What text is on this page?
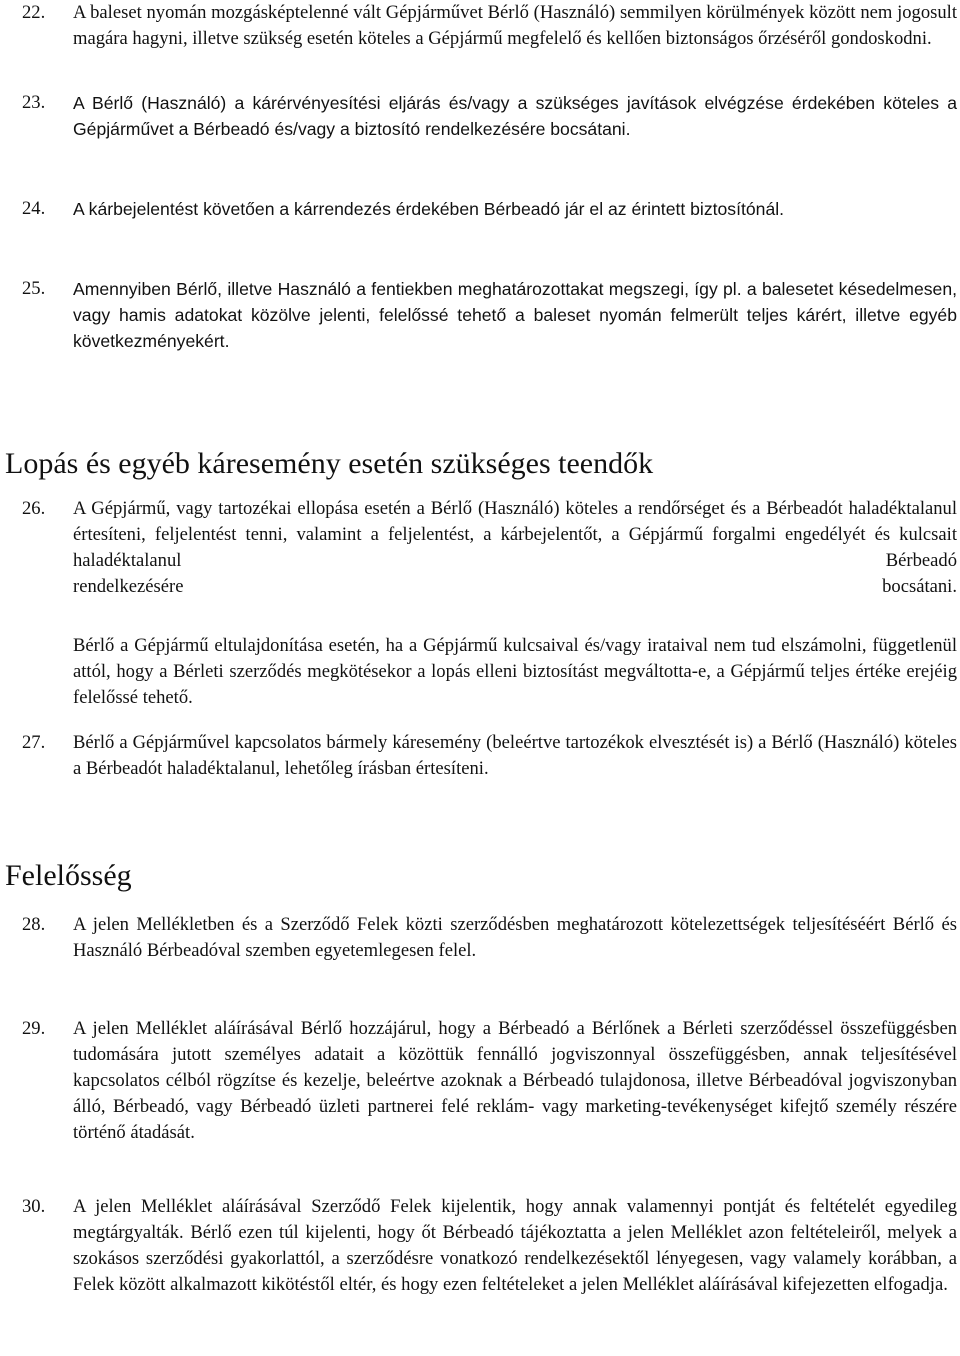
22. A baleset nyomán mozgásképtelenné vált Gépjárművet Bérlő (Használó) semmilyen körülmények között nem jogosult magára hagyni, illetve szükség esetén köteles a Gépjármű megfelelő és kellően biztonságos őrzéséről gondoskodni.
23. A Bérlő (Használó) a kárérvényesítési eljárás és/vagy a szükséges javítások elvégzése érdekében köteles a Gépjárművet a Bérbeadó és/vagy a biztosító rendelkezésére bocsátani.
24. A kárbejelentést követően a kárrendezés érdekében Bérbeadó jár el az érintett biztosítónál.
25. Amennyiben Bérlő, illetve Használó a fentiekben meghatározottakat megszegi, így pl. a balesetet késedelmesen, vagy hamis adatokat közölve jelenti, felelőssé tehető a baleset nyomán felmerült teljes kárért, illetve egyéb következményekért.
Lopás és egyéb káresemény esetén szükséges teendők
26. A Gépjármű, vagy tartozékai ellopása esetén a Bérlő (Használó) köteles a rendőrséget és a Bérbeadót haladéktalanul értesíteni, feljelentést tenni, valamint a feljelentést, a kárbejelentőt, a Gépjármű forgalmi engedélyét és kulcsait haladéktalanul Bérbeadó
rendelkezésére	bocsátani.
Bérlő a Gépjármű eltulajdonítása esetén, ha a Gépjármű kulcsaival és/vagy irataival nem tud elszámolni, függetlenül attól, hogy a Bérleti szerződés megkötésekor a lopás elleni biztosítást megváltotta-e, a Gépjármű teljes értéke erejéig felelőssé tehető.
27. Bérlő a Gépjárművel kapcsolatos bármely káresemény (beleértve tartozékok elvesztését is) a Bérlő (Használó) köteles a Bérbeadót haladéktalanul, lehetőleg írásban értesíteni.
Felelősség
28. A jelen Mellékletben és a Szerződő Felek közti szerződésben meghatározott kötelezettségek teljesítéséért Bérlő és Használó Bérbeadóval szemben egyetemlegesen felel.
29. A jelen Melléklet aláírásával Bérlő hozzájárul, hogy a Bérbeadó a Bérlőnek a Bérleti szerződéssel összefüggésben tudomására jutott személyes adatait a közöttük fennálló jogviszonnyal összefüggésben, annak teljesítésével kapcsolatos célból rögzítse és kezelje, beleértve azoknak a Bérbeadó tulajdonosa, illetve Bérbeadóval jogviszonyban álló, Bérbeadó, vagy Bérbeadó üzleti partnerei felé reklám- vagy marketing-tevékenységet kifejtő személy részére történő átadását.
30. A jelen Melléklet aláírásával Szerződő Felek kijelentik, hogy annak valamennyi pontját és feltételét egyedileg megtárgyalták. Bérlő ezen túl kijelenti, hogy őt Bérbeadó tájékoztatta a jelen Melléklet azon feltételeiről, melyek a szokásos szerződési gyakorlattól, a szerződésre vonatkozó rendelkezésektől lényegesen, vagy valamely korábban, a Felek között alkalmazott kikötéstől eltér, és hogy ezen feltételeket a jelen Melléklet aláírásával kifejezetten elfogadja.
